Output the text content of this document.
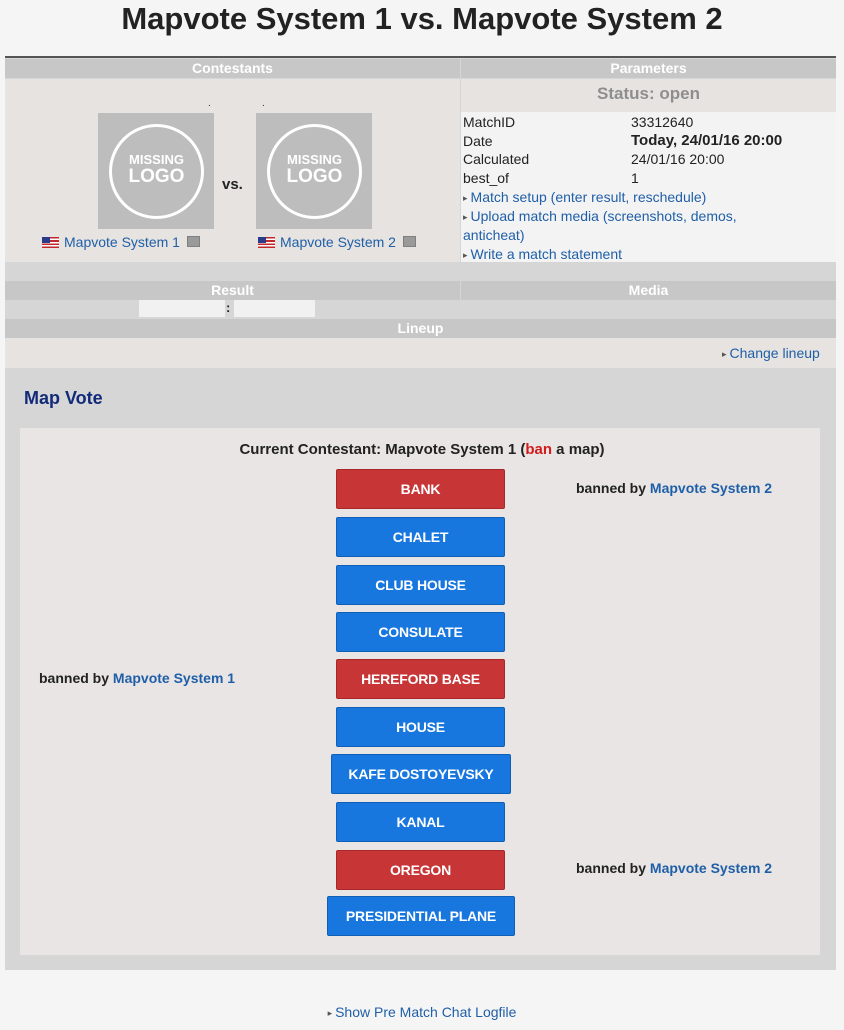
Mapvote System 1 vs. Mapvote System 2
Contestants	Parameters
.	.
MISSING
LOGO	vs.
MISSING
LOGO
Mapvote System 1	Mapvote System 2
Status: open
MatchID	33312640
Date	Today, 24/01/16 20:00
Calculated	24/01/16 20:00
best_of	1
▸ Match setup (enter result, reschedule)
▸ Upload match media (screenshots, demos,
anticheat)
▸ Write a match statement
Result	Media
:
Lineup
▸ Change lineup
Map Vote
Current Contestant: Mapvote System 1 (ban a map)
BANK
CHALET
CLUB HOUSE
CONSULATE
HEREFORD BASE
HOUSE
KAFE DOSTOYEVSKY
KANAL
OREGON
PRESIDENTIAL PLANE
banned by Mapvote System 2
banned by Mapvote System 1
banned by Mapvote System 2
▸ Show Pre Match Chat Logfile
